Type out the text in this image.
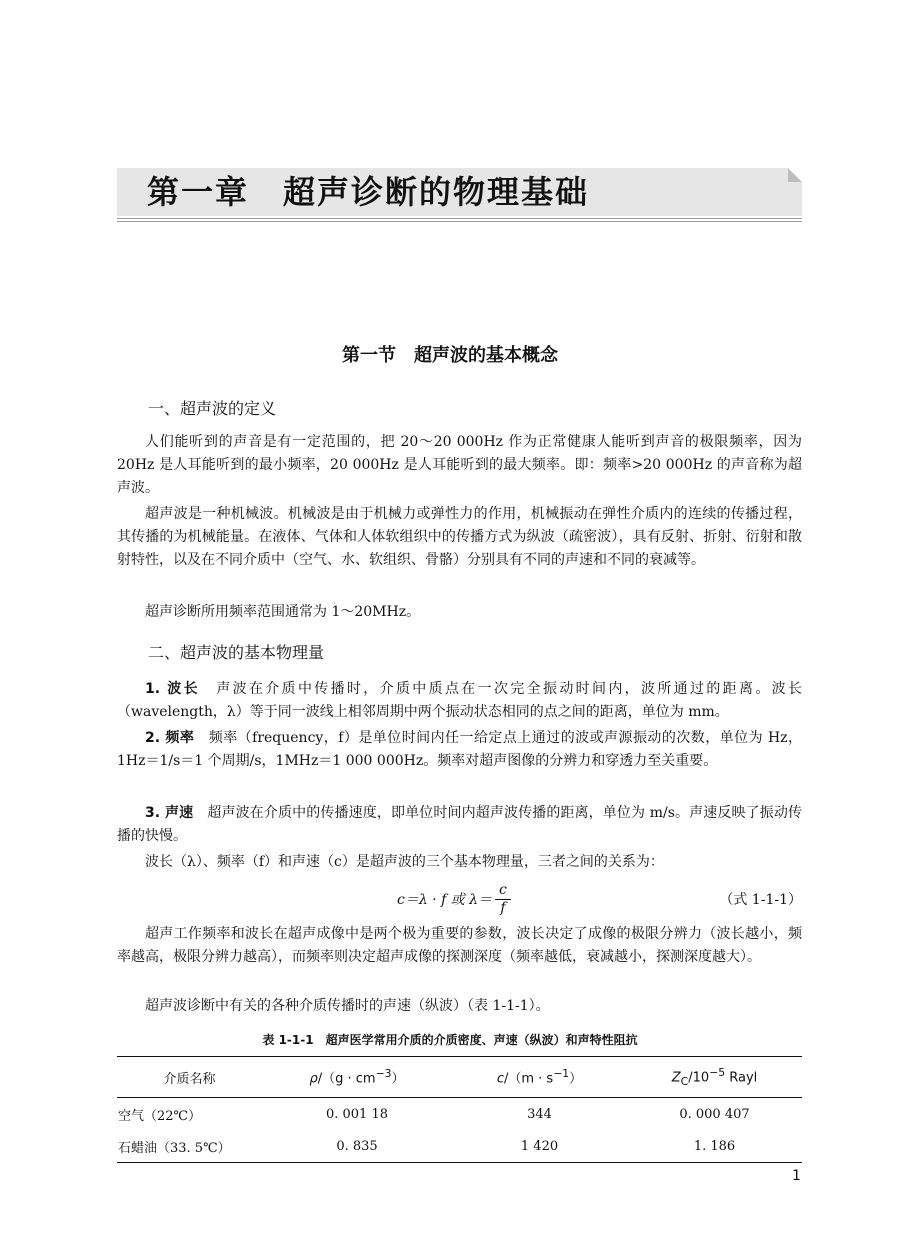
第一章　超声诊断的物理基础
第一节　超声波的基本概念
一、超声波的定义

人们能听到的声音是有一定范围的，把 20～20 000Hz 作为正常健康人能听到声音的极限频率，因为 20Hz 是人耳能听到的最小频率，20 000Hz 是人耳能听到的最大频率。即：频率>20 000Hz 的声音称为超声波。

超声波是一种机械波。机械波是由于机械力或弹性力的作用，机械振动在弹性介质内的连续的传播过程，其传播的为机械能量。在液体、气体和人体软组织中的传播方式为纵波（疏密波），具有反射、折射、衍射和散射特性，以及在不同介质中（空气、水、软组织、骨骼）分别具有不同的声速和不同的衰减等。

超声诊断所用频率范围通常为 1～20MHz。

二、超声波的基本物理量

1. 波长　声波在介质中传播时，介质中质点在一次完全振动时间内，波所通过的距离。波长（wavelength，λ）等于同一波线上相邻周期中两个振动状态相同的点之间的距离，单位为 mm。

2. 频率　频率（frequency，f）是单位时间内任一给定点上通过的波或声源振动的次数，单位为 Hz，1Hz＝1/s＝1 个周期/s，1MHz＝1 000 000Hz。频率对超声图像的分辨力和穿透力至关重要。

3. 声速　超声波在介质中的传播速度，即单位时间内超声波传播的距离，单位为 m/s。声速反映了振动传播的快慢。

波长（λ）、频率（f）和声速（c）是超声波的三个基本物理量，三者之间的关系为：

c＝λ · f 或 $\lambda= \frac{c}{f}$	（式 1-1-1）

超声工作频率和波长在超声成像中是两个极为重要的参数，波长决定了成像的极限分辨力（波长越小，频率越高，极限分辨力越高），而频率则决定超声成像的探测深度（频率越低，衰减越小，探测深度越大）。

超声波诊断中有关的各种介质传播时的声速（纵波）（表 1-1-1）。

表 1-1-1　超声医学常用介质的介质密度、声速（纵波）和声特性阻抗

介质名称	$\rho/(g \cdot cm^{-3})$	$c/(m \cdot s^{-1})$	$Z_C/10^{-5}$ Rayl
空气（22℃）	0. 001 18	344	0. 000 407
石蜡油（33. 5℃）	0. 835	1 420	1. 186

1
